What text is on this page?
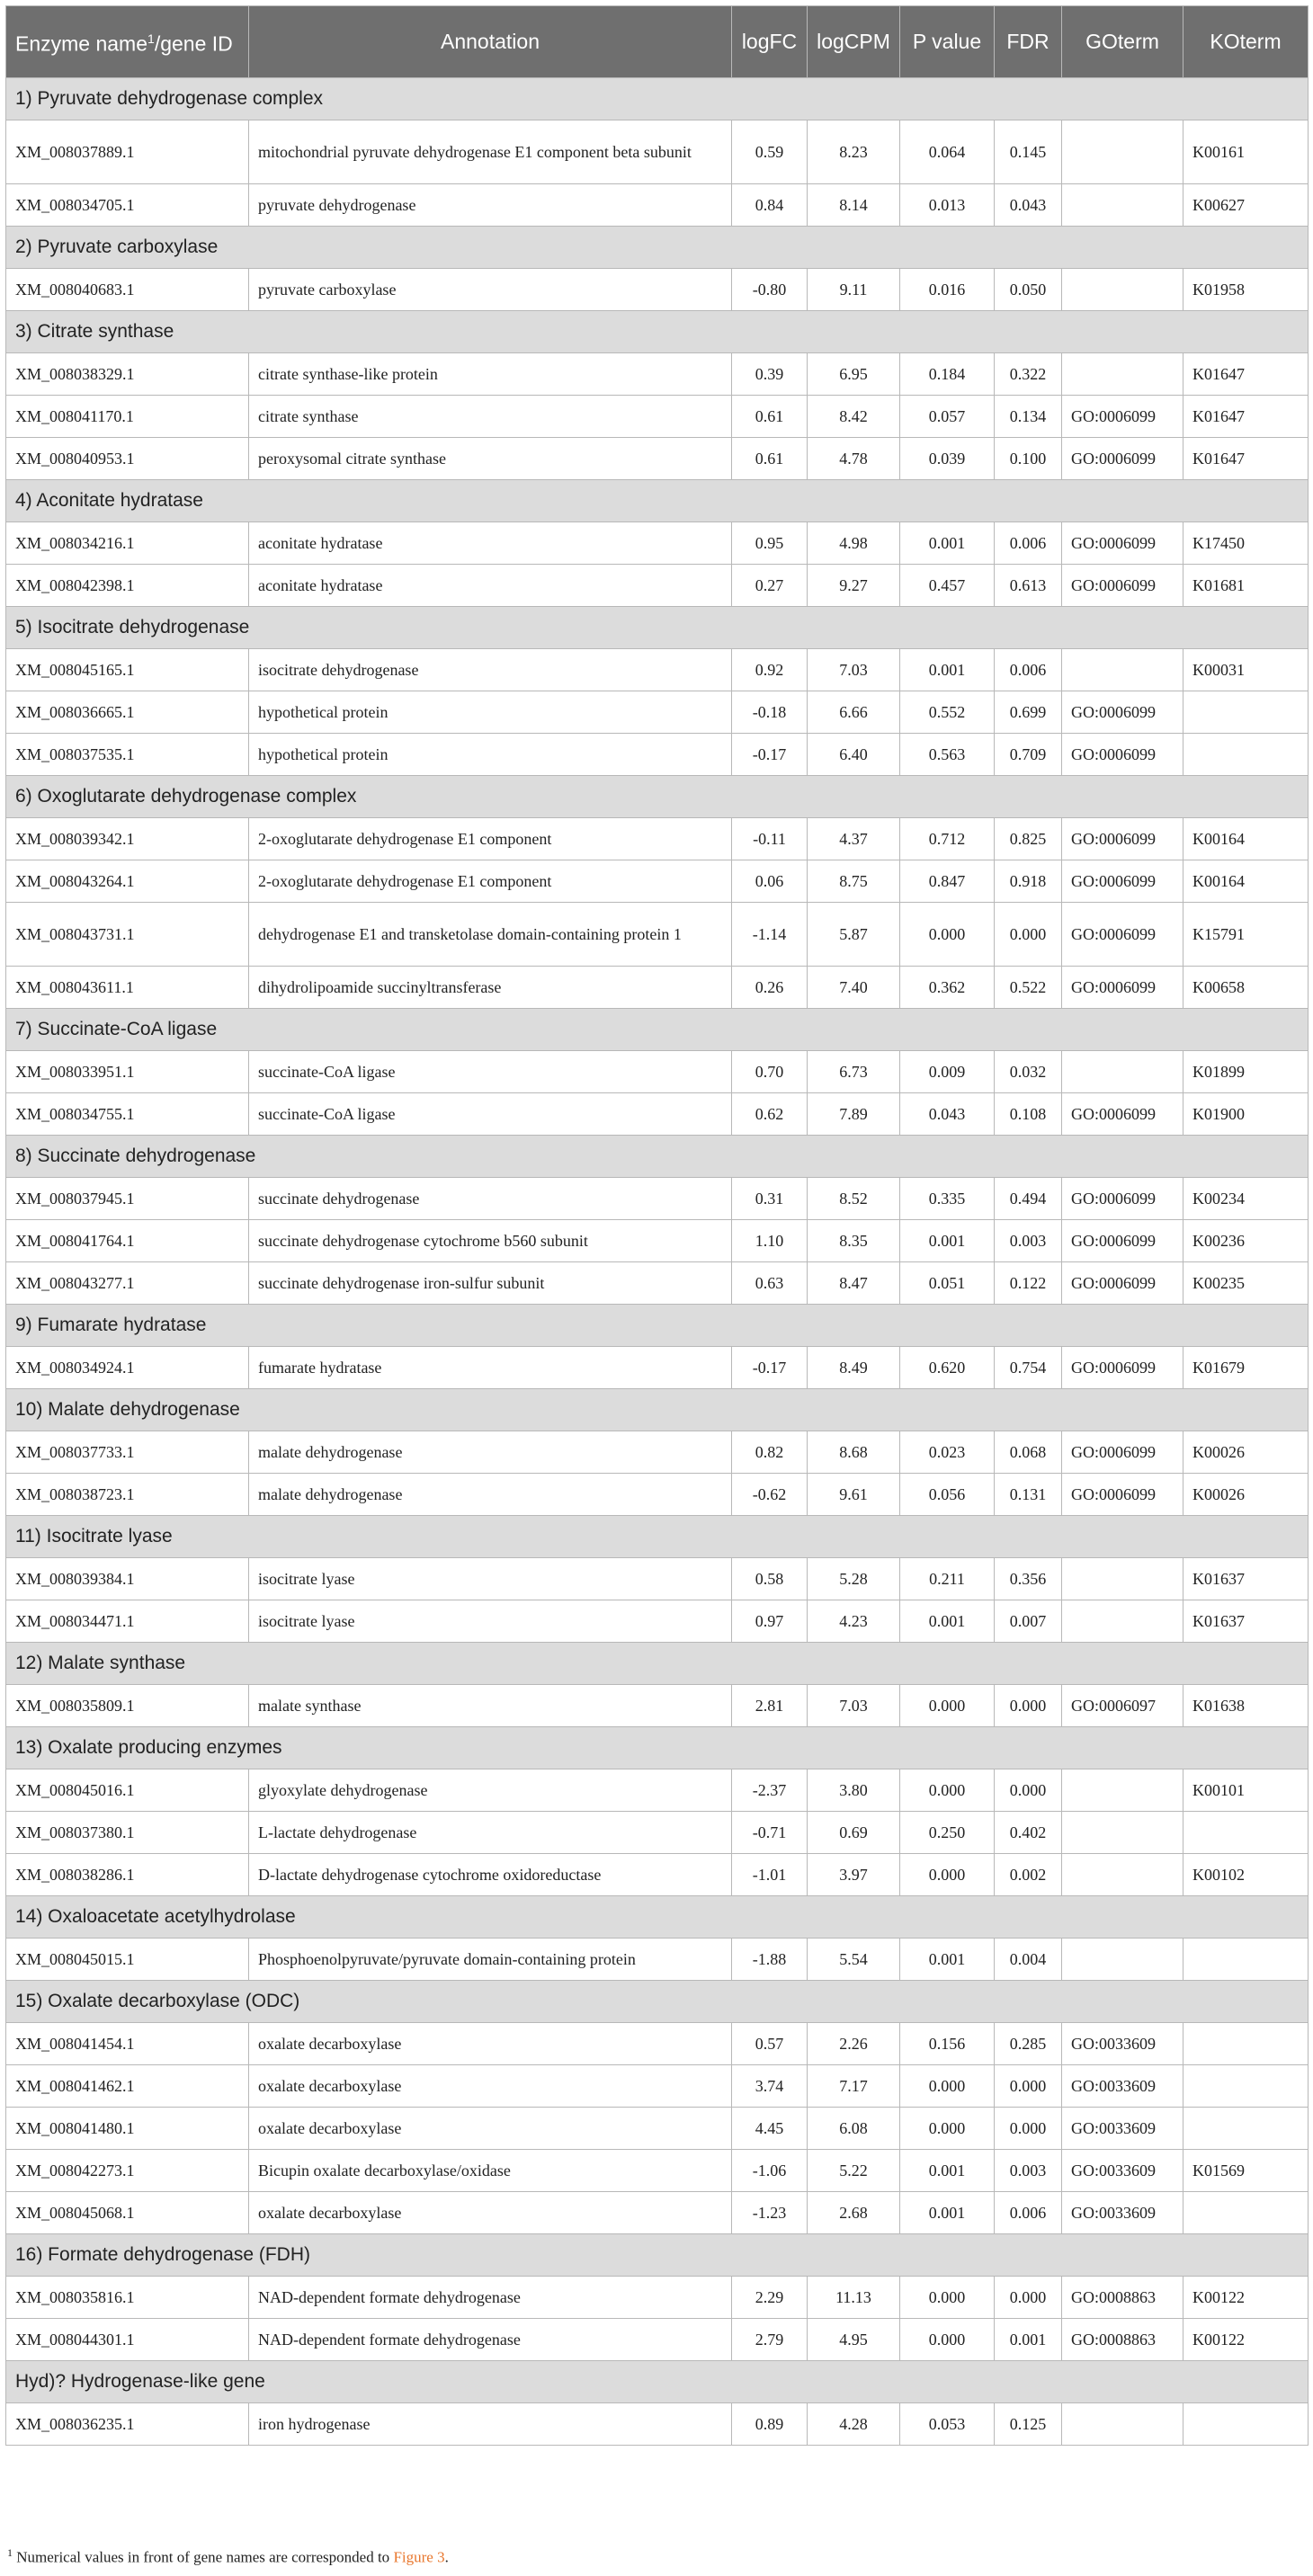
Enzyme name$^1$/gene ID	Annotation	logFC	logCPM	P value	FDR	GOterm	KOterm
1) Pyruvate dehydrogenase complex							
XM_008037889.1	mitochondrial pyruvate dehydrogenase E1 component beta subunit	0.59	8.23	0.064	0.145		K00161
XM_008034705.1	pyruvate dehydrogenase	0.84	8.14	0.013	0.043		K00627
2) Pyruvate carboxylase							
XM_008040683.1	pyruvate carboxylase	-0.80	9.11	0.016	0.050		K01958
3) Citrate synthase							
XM_008038329.1	citrate synthase-like protein	0.39	6.95	0.184	0.322		K01647
XM_008041170.1	citrate synthase	0.61	8.42	0.057	0.134	GO:0006099	K01647
XM_008040953.1	peroxysomal citrate synthase	0.61	4.78	0.039	0.100	GO:0006099	K01647
4) Aconitate hydratase							
XM_008034216.1	aconitate hydratase	0.95	4.98	0.001	0.006	GO:0006099	K17450
XM_008042398.1	aconitate hydratase	0.27	9.27	0.457	0.613	GO:0006099	K01681
5) Isocitrate dehydrogenase							
XM_008045165.1	isocitrate dehydrogenase	0.92	7.03	0.001	0.006		K00031
XM_008036665.1	hypothetical protein	-0.18	6.66	0.552	0.699	GO:0006099	
XM_008037535.1	hypothetical protein	-0.17	6.40	0.563	0.709	GO:0006099	
6) Oxoglutarate dehydrogenase complex							
XM_008039342.1	2-oxoglutarate dehydrogenase E1 component	-0.11	4.37	0.712	0.825	GO:0006099	K00164
XM_008043264.1	2-oxoglutarate dehydrogenase E1 component	0.06	8.75	0.847	0.918	GO:0006099	K00164
XM_008043731.1	dehydrogenase E1 and transketolase domain-containing protein 1	-1.14	5.87	0.000	0.000	GO:0006099	K15791
XM_008043611.1	dihydrolipoamide succinyltransferase	0.26	7.40	0.362	0.522	GO:0006099	K00658
7) Succinate-CoA ligase							
XM_008033951.1	succinate-CoA ligase	0.70	6.73	0.009	0.032		K01899
XM_008034755.1	succinate-CoA ligase	0.62	7.89	0.043	0.108	GO:0006099	K01900
8) Succinate dehydrogenase							
XM_008037945.1	succinate dehydrogenase	0.31	8.52	0.335	0.494	GO:0006099	K00234
XM_008041764.1	succinate dehydrogenase cytochrome b560 subunit	1.10	8.35	0.001	0.003	GO:0006099	K00236
XM_008043277.1	succinate dehydrogenase iron-sulfur subunit	0.63	8.47	0.051	0.122	GO:0006099	K00235
9) Fumarate hydratase							
XM_008034924.1	fumarate hydratase	-0.17	8.49	0.620	0.754	GO:0006099	K01679
10) Malate dehydrogenase							
XM_008037733.1	malate dehydrogenase	0.82	8.68	0.023	0.068	GO:0006099	K00026
XM_008038723.1	malate dehydrogenase	-0.62	9.61	0.056	0.131	GO:0006099	K00026
11) Isocitrate lyase							
XM_008039384.1	isocitrate lyase	0.58	5.28	0.211	0.356		K01637
XM_008034471.1	isocitrate lyase	0.97	4.23	0.001	0.007		K01637
12) Malate synthase							
XM_008035809.1	malate synthase	2.81	7.03	0.000	0.000	GO:0006097	K01638
13) Oxalate producing enzymes							
XM_008045016.1	glyoxylate dehydrogenase	-2.37	3.80	0.000	0.000		K00101
XM_008037380.1	L-lactate dehydrogenase	-0.71	0.69	0.250	0.402		
XM_008038286.1	D-lactate dehydrogenase cytochrome oxidoreductase	-1.01	3.97	0.000	0.002		K00102
14) Oxaloacetate acetylhydrolase							
XM_008045015.1	Phosphoenolpyruvate/pyruvate domain-containing protein	-1.88	5.54	0.001	0.004		
15) Oxalate decarboxylase (ODC)							
XM_008041454.1	oxalate decarboxylase	0.57	2.26	0.156	0.285	GO:0033609	
XM_008041462.1	oxalate decarboxylase	3.74	7.17	0.000	0.000	GO:0033609	
XM_008041480.1	oxalate decarboxylase	4.45	6.08	0.000	0.000	GO:0033609	
XM_008042273.1	Bicupin oxalate decarboxylase/oxidase	-1.06	5.22	0.001	0.003	GO:0033609	K01569
XM_008045068.1	oxalate decarboxylase	-1.23	2.68	0.001	0.006	GO:0033609	
16) Formate dehydrogenase (FDH)							
XM_008035816.1	NAD-dependent formate dehydrogenase	2.29	11.13	0.000	0.000	GO:0008863	K00122
XM_008044301.1	NAD-dependent formate dehydrogenase	2.79	4.95	0.000	0.001	GO:0008863	K00122
Hyd)? Hydrogenase-like gene							
XM_008036235.1	iron hydrogenase	0.89	4.28	0.053	0.125		
$^1$ Numerical values in front of gene names are corresponded to Figure 3.
